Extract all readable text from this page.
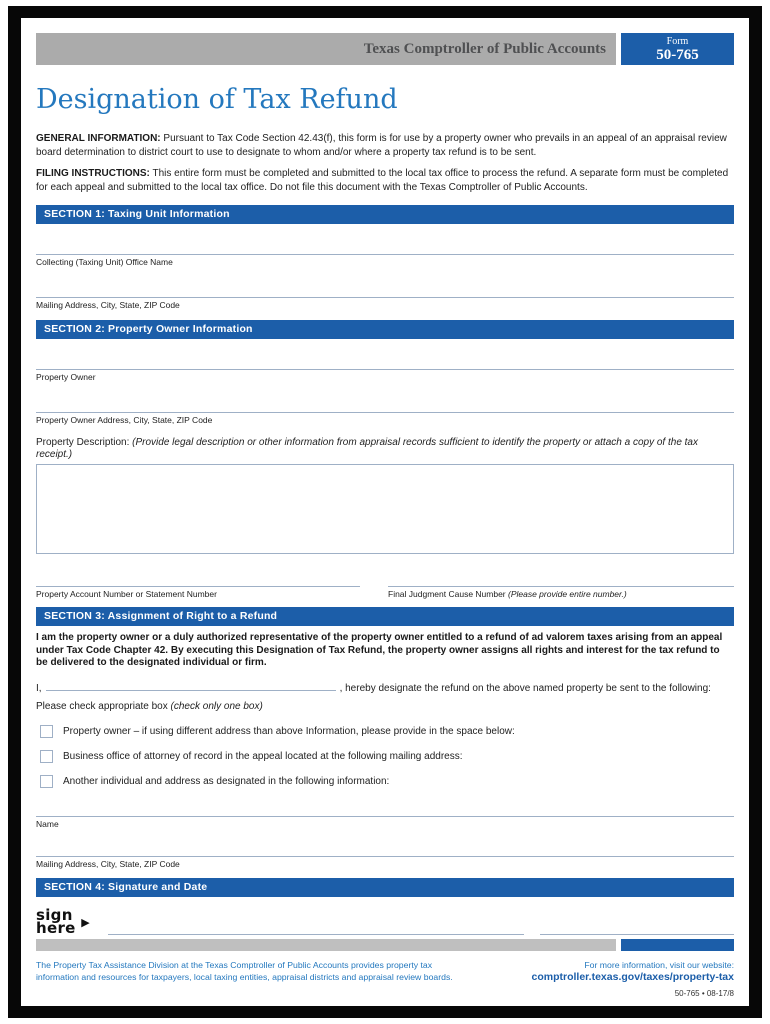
Texas Comptroller of Public Accounts	Form
50-765
Designation of Tax Refund

GENERAL INFORMATION: Pursuant to Tax Code Section 42.43(f), this form is for use by a property owner who prevails in an appeal of an appraisal review board determination to district court to use to designate to whom and/or where a property tax refund is to be sent.

FILING INSTRUCTIONS: This entire form must be completed and submitted to the local tax office to process the refund. A separate form must be completed for each appeal and submitted to the local tax office. Do not file this document with the Texas Comptroller of Public Accounts.

SECTION 1: Taxing Unit Information
Collecting (Taxing Unit) Office Name
Mailing Address, City, State, ZIP Code
SECTION 2: Property Owner Information
Property Owner
Property Owner Address, City, State, ZIP Code
Property Description: (Provide legal description or other information from appraisal records sufficient to identify the property or attach a copy of the tax receipt.)
Property Account Number or Statement Number	Final Judgment Cause Number (Please provide entire number.)
SECTION 3: Assignment of Right to a Refund

I am the property owner or a duly authorized representative of the property owner entitled to a refund of ad valorem taxes arising from an appeal under Tax Code Chapter 42. By executing this Designation of Tax Refund, the property owner assigns all rights and interest for the tax refund to be delivered to the designated individual or firm.

I,	, hereby designate the refund on the above named property be sent to the following:
Please check appropriate box (check only one box)
Property owner – if using different address than above Information, please provide in the space below:
Business office of attorney of record in the appeal located at the following mailing address:
Another individual and address as designated in the following information:
Name
Mailing Address, City, State, ZIP Code
SECTION 4: Signature and Date
sign
here ▶

The Property Tax Assistance Division at the Texas Comptroller of Public Accounts provides property tax information and resources for taxpayers, local taxing entities, appraisal districts and appraisal review boards.

For more information, visit our website:
comptroller.texas.gov/taxes/property-tax
50-765 • 08-17/8
